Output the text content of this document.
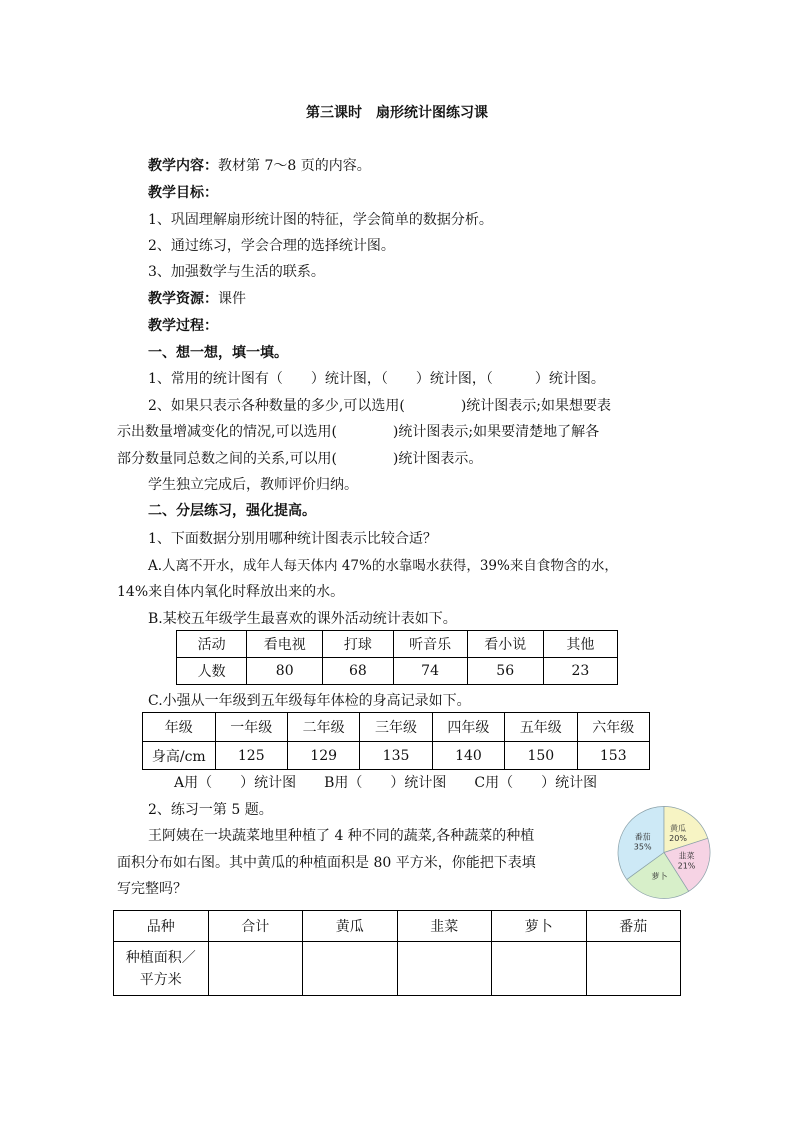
第三课时　扇形统计图练习课
教学内容：教材第 7～8 页的内容。
教学目标：
1、巩固理解扇形统计图的特征，学会简单的数据分析。
2、通过练习，学会合理的选择统计图。
3、加强数学与生活的联系。
教学资源：课件
教学过程：
一、想一想，填一填。
1、常用的统计图有（　　）统计图，（　　）统计图，（　　　）统计图。
2、如果只表示各种数量的多少,可以选用(　　　　)统计图表示;如果想要表
示出数量增减变化的情况,可以选用(　　　　)统计图表示;如果要清楚地了解各
部分数量同总数之间的关系,可以用(　　　　)统计图表示。
学生独立完成后，教师评价归纳。
二、分层练习，强化提高。
1、下面数据分别用哪种统计图表示比较合适？
A.人离不开水，成年人每天体内 47%的水靠喝水获得，39%来自食物含的水，
14%来自体内氧化时释放出来的水。
B.某校五年级学生最喜欢的课外活动统计表如下。
活动	看电视	打球	听音乐	看小说	其他
人数	80	68	74	56	23
C.小强从一年级到五年级每年体检的身高记录如下。
年级	一年级	二年级	三年级	四年级	五年级	六年级
身高/cm	125	129	135	140	150	153
A用（　　）统计图　　B用（　　）统计图　　C用（　　）统计图
2、练习一第 5 题。
王阿姨在一块蔬菜地里种植了 4 种不同的蔬菜,各种蔬菜的种植
面积分布如右图。其中黄瓜的种植面积是 80 平方米，你能把下表填
写完整吗？
番茄
35%
黄瓜
20%
韭菜
21%
萝卜
品种	合计	黄瓜	韭菜	萝卜	番茄

种植面积／
平方米					
